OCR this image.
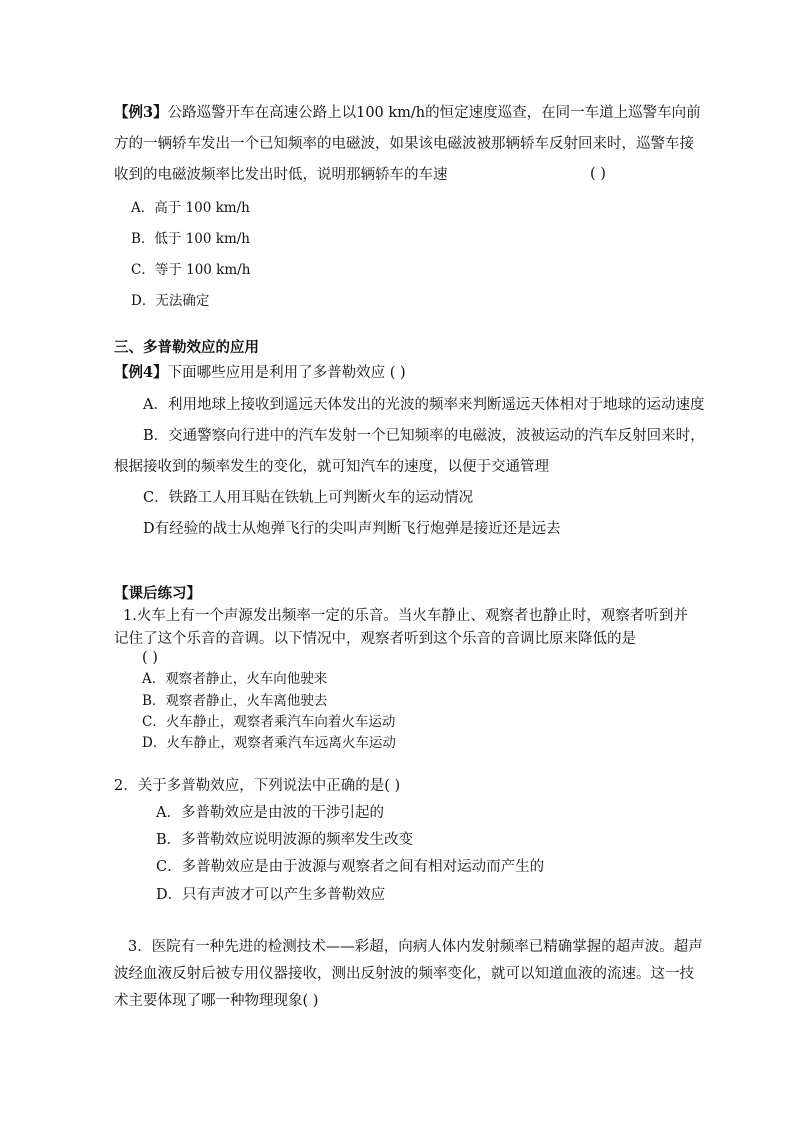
【例3】公路巡警开车在高速公路上以100 km/h的恒定速度巡查，在同一车道上巡警车向前
方的一辆轿车发出一个已知频率的电磁波，如果该电磁波被那辆轿车反射回来时，巡警车接
收到的电磁波频率比发出时低，说明那辆轿车的车速	( )
A．高于 100 km/h
B．低于 100 km/h
C．等于 100 km/h
D．无法确定
三、多普勒效应的应用
【例4】下面哪些应用是利用了多普勒效应 ( )
A．利用地球上接收到遥远天体发出的光波的频率来判断遥远天体相对于地球的运动速度
B．交通警察向行进中的汽车发射一个已知频率的电磁波，波被运动的汽车反射回来时，
根据接收到的频率发生的变化，就可知汽车的速度，以便于交通管理
C．铁路工人用耳贴在铁轨上可判断火车的运动情况
D有经验的战士从炮弹飞行的尖叫声判断飞行炮弹是接近还是远去
【课后练习】
1.火车上有一个声源发出频率一定的乐音。当火车静止、观察者也静止时，观察者听到并
记住了这个乐音的音调。以下情况中，观察者听到这个乐音的音调比原来降低的是
( )
A．观察者静止，火车向他驶来
B．观察者静止，火车离他驶去
C．火车静止，观察者乘汽车向着火车运动
D．火车静止，观察者乘汽车远离火车运动
2．关于多普勒效应，下列说法中正确的是( )
A．多普勒效应是由波的干涉引起的
B．多普勒效应说明波源的频率发生改变
C．多普勒效应是由于波源与观察者之间有相对运动而产生的
D．只有声波才可以产生多普勒效应
3．医院有一种先进的检测技术——彩超，向病人体内发射频率已精确掌握的超声波。超声
波经血液反射后被专用仪器接收，测出反射波的频率变化，就可以知道血液的流速。这一技
术主要体现了哪一种物理现象( )
